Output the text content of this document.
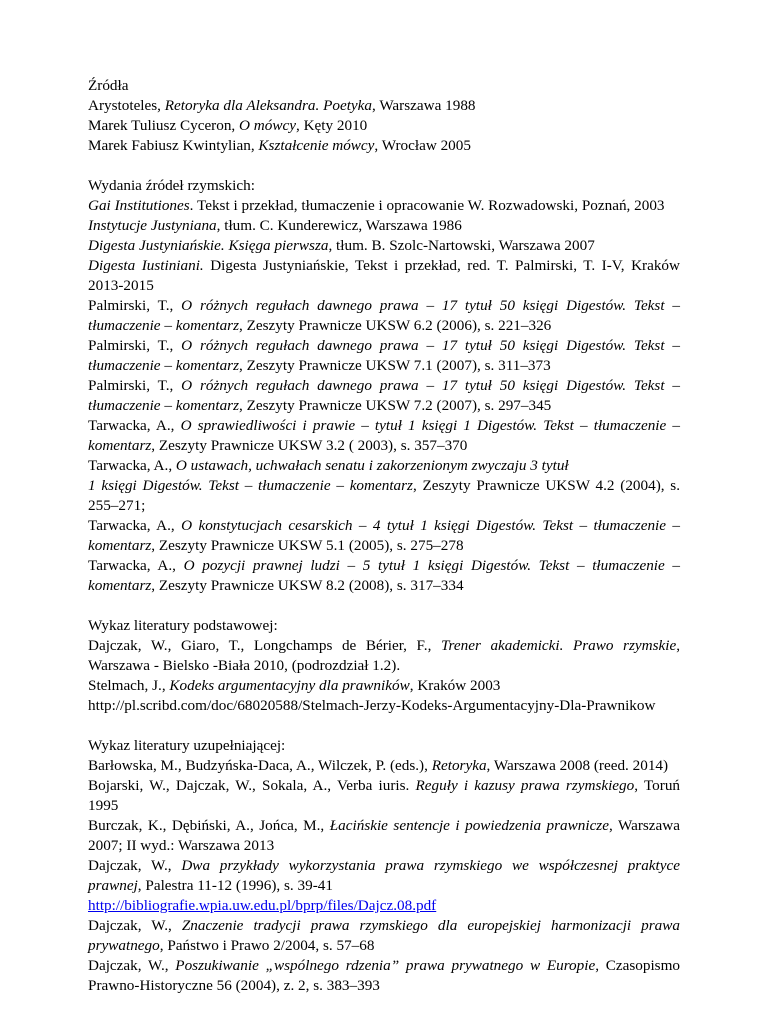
Źródła
Arystoteles, Retoryka dla Aleksandra. Poetyka, Warszawa 1988
Marek Tuliusz Cyceron, O mówcy, Kęty 2010
Marek Fabiusz Kwintylian, Kształcenie mówcy, Wrocław 2005
Wydania źródeł rzymskich:
Gai Institutiones. Tekst i przekład, tłumaczenie i opracowanie W. Rozwadowski, Poznań, 2003
Instytucje Justyniana, tłum. C. Kunderewicz, Warszawa 1986
Digesta Justyniańskie. Księga pierwsza, tłum. B. Szolc-Nartowski, Warszawa 2007
Digesta Iustiniani. Digesta Justyniańskie, Tekst i przekład, red. T. Palmirski, T. I-V, Kraków 2013-2015
Palmirski, T., O różnych regułach dawnego prawa – 17 tytuł 50 księgi Digestów. Tekst – tłumaczenie – komentarz, Zeszyty Prawnicze UKSW 6.2 (2006), s. 221–326
Palmirski, T., O różnych regułach dawnego prawa – 17 tytuł 50 księgi Digestów. Tekst – tłumaczenie – komentarz, Zeszyty Prawnicze UKSW 7.1 (2007), s. 311–373
Palmirski, T., O różnych regułach dawnego prawa – 17 tytuł 50 księgi Digestów. Tekst – tłumaczenie – komentarz, Zeszyty Prawnicze UKSW 7.2 (2007), s. 297–345
Tarwacka, A., O sprawiedliwości i prawie – tytuł 1 księgi 1 Digestów. Tekst – tłumaczenie – komentarz, Zeszyty Prawnicze UKSW 3.2 ( 2003), s. 357–370
Tarwacka, A., O ustawach, uchwałach senatu i zakorzenionym zwyczaju 3 tytuł
1 księgi Digestów. Tekst – tłumaczenie – komentarz, Zeszyty Prawnicze UKSW 4.2 (2004), s. 255–271;
Tarwacka, A., O konstytucjach cesarskich – 4 tytuł 1 księgi Digestów. Tekst – tłumaczenie – komentarz, Zeszyty Prawnicze UKSW 5.1 (2005), s. 275–278
Tarwacka, A., O pozycji prawnej ludzi – 5 tytuł 1 księgi Digestów. Tekst – tłumaczenie – komentarz, Zeszyty Prawnicze UKSW 8.2 (2008), s. 317–334
Wykaz literatury podstawowej:
Dajczak, W., Giaro, T., Longchamps de Bérier, F., Trener akademicki. Prawo rzymskie, Warszawa - Bielsko -Biała 2010, (podrozdział 1.2).
Stelmach, J., Kodeks argumentacyjny dla prawników, Kraków 2003
http://pl.scribd.com/doc/68020588/Stelmach-Jerzy-Kodeks-Argumentacyjny-Dla-Prawnikow
Wykaz literatury uzupełniającej:
Barłowska, M., Budzyńska-Daca, A., Wilczek, P. (eds.), Retoryka, Warszawa 2008 (reed. 2014)
Bojarski, W., Dajczak, W., Sokala, A., Verba iuris. Reguły i kazusy prawa rzymskiego, Toruń 1995
Burczak, K., Dębiński, A., Jońca, M., Łacińskie sentencje i powiedzenia prawnicze, Warszawa 2007; II wyd.: Warszawa 2013
Dajczak, W., Dwa przykłady wykorzystania prawa rzymskiego we współczesnej praktyce prawnej, Palestra 11-12 (1996), s. 39-41
http://bibliografie.wpia.uw.edu.pl/bprp/files/Dajcz.08.pdf
Dajczak, W., Znaczenie tradycji prawa rzymskiego dla europejskiej harmonizacji prawa prywatnego, Państwo i Prawo 2/2004, s. 57–68
Dajczak, W., Poszukiwanie „wspólnego rdzenia” prawa prywatnego w Europie, Czasopismo Prawno-Historyczne 56 (2004), z. 2, s. 383–393
